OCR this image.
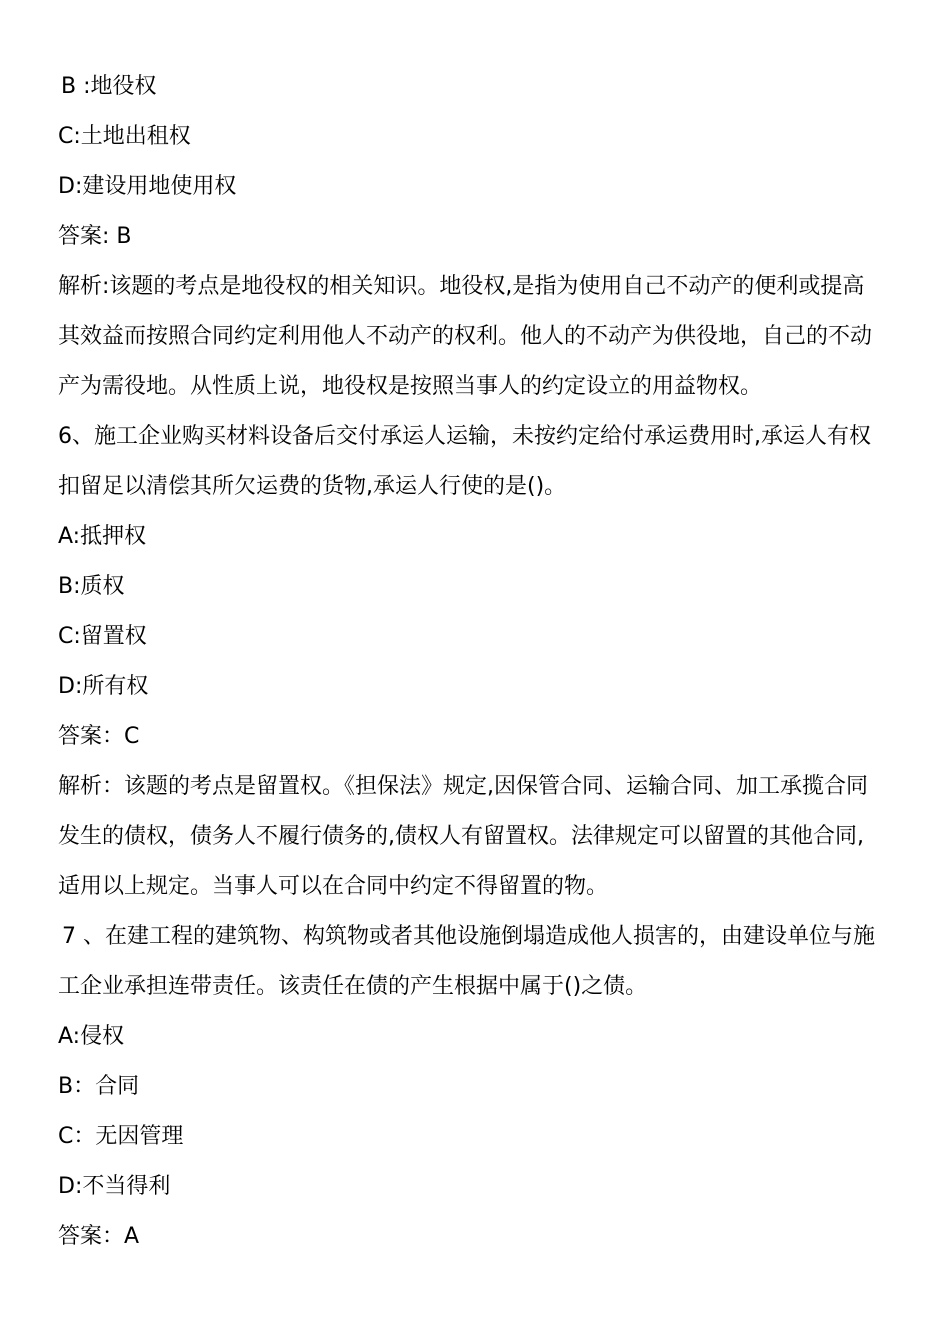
B :地役权
C:土地出租权
D:建设用地使用权
答案: B
解析:该题的考点是地役权的相关知识。地役权,是指为使用自己不动产的便利或提高
其效益而按照合同约定利用他人不动产的权利。他人的不动产为供役地，自己的不动
产为需役地。从性质上说，地役权是按照当事人的约定设立的用益物权。
6、施工企业购买材料设备后交付承运人运输，未按约定给付承运费用时,承运人有权
扣留足以清偿其所欠运费的货物,承运人行使的是()。
A:抵押权
B:质权
C:留置权
D:所有权
答案：C
解析：该题的考点是留置权。《担保法》规定,因保管合同、运输合同、加工承揽合同
发生的债权，债务人不履行债务的,债权人有留置权。法律规定可以留置的其他合同,
适用以上规定。当事人可以在合同中约定不得留置的物。
7 、在建工程的建筑物、构筑物或者其他设施倒塌造成他人损害的，由建设单位与施
工企业承担连带责任。该责任在债的产生根据中属于()之债。
A:侵权
B：合同
C：无因管理
D:不当得利
答案：A
